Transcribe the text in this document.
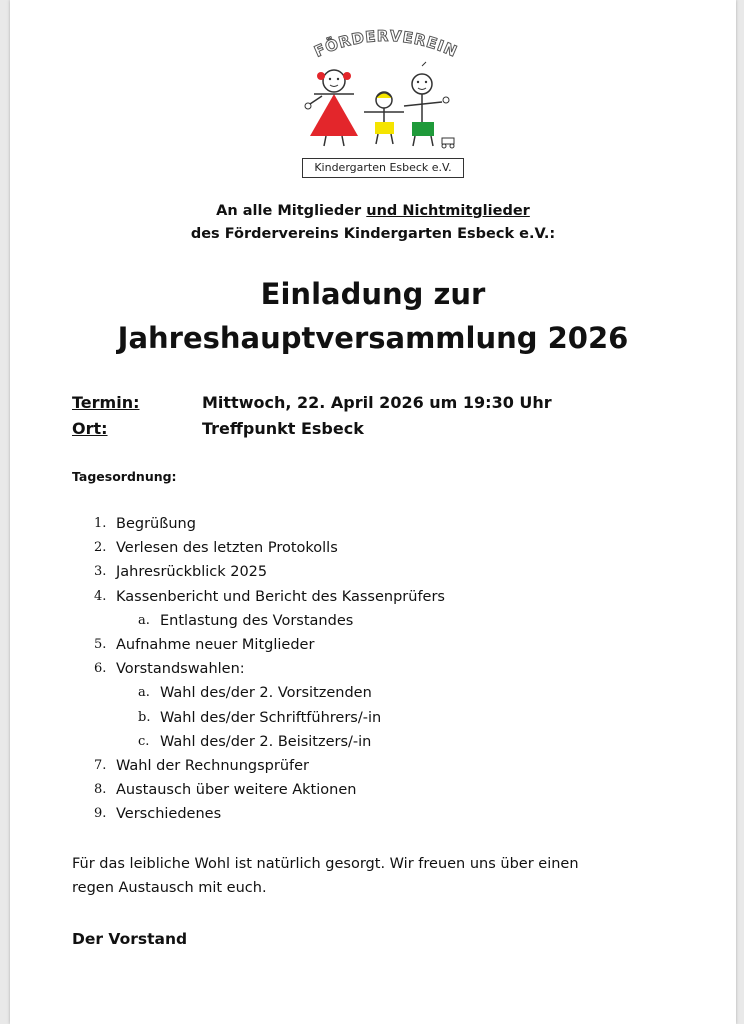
FÖRDERVEREIN
Kindergarten Esbeck e.V.
An alle Mitglieder und Nichtmitglieder
des Fördervereins Kindergarten Esbeck e.V.:
Einladung zur
Jahreshauptversammlung 2026
Termin:	Mittwoch, 22. April 2026 um 19:30 Uhr
Ort:	Treffpunkt Esbeck
Tagesordnung:
1. Begrüßung
2. Verlesen des letzten Protokolls
3. Jahresrückblick 2025
4. Kassenbericht und Bericht des Kassenprüfers
a. Entlastung des Vorstandes
5. Aufnahme neuer Mitglieder
6. Vorstandswahlen:
a. Wahl des/der 2. Vorsitzenden
b. Wahl des/der Schriftführers/-in
c. Wahl des/der 2. Beisitzers/-in
7. Wahl der Rechnungsprüfer
8. Austausch über weitere Aktionen
9. Verschiedenes
Für das leibliche Wohl ist natürlich gesorgt. Wir freuen uns über einen
regen Austausch mit euch.
Der Vorstand
